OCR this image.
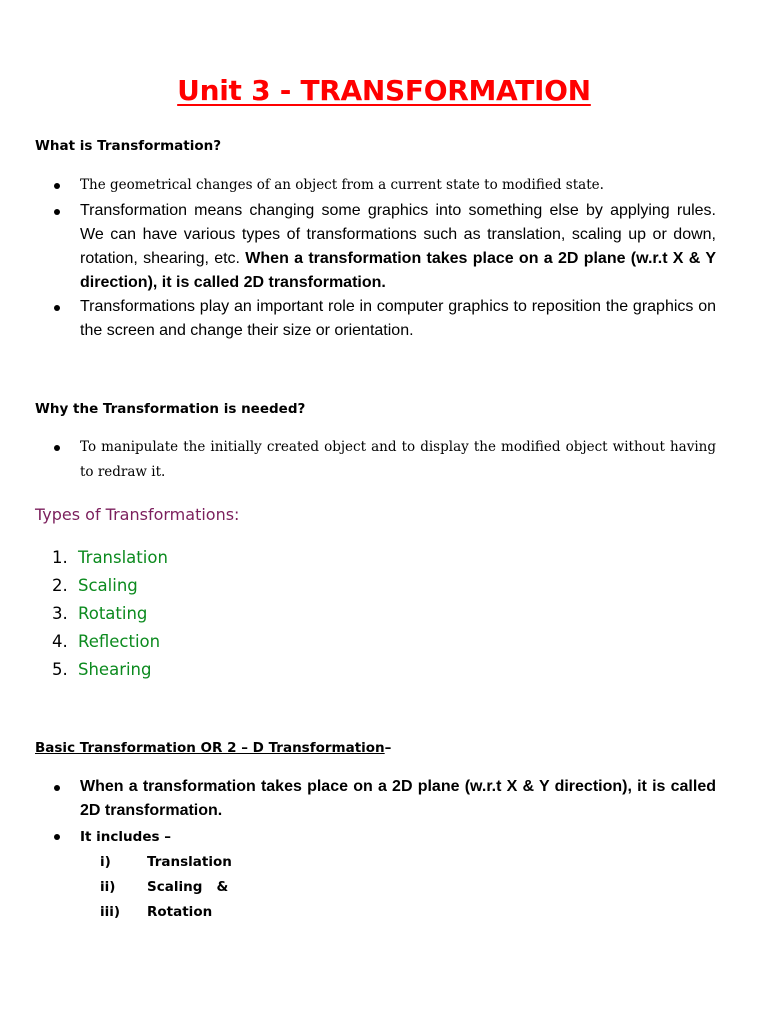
Unit 3 - TRANSFORMATION
What is Transformation?
The geometrical changes of an object from a current state to modified state.
Transformation means changing some graphics into something else by applying rules. We can have various types of transformations such as translation, scaling up or down, rotation, shearing, etc. When a transformation takes place on a 2D plane (w.r.t X & Y direction), it is called 2D transformation.
Transformations play an important role in computer graphics to reposition the graphics on the screen and change their size or orientation.
Why the Transformation is needed?
To manipulate the initially created object and to display the modified object without having to redraw it.
Types of Transformations:
1. Translation
2. Scaling
3. Rotating
4. Reflection
5. Shearing
Basic Transformation OR 2 – D Transformation–
When a transformation takes place on a 2D plane (w.r.t X & Y direction), it is called 2D transformation.
It includes –
i)	Translation
ii) Scaling   &
iii) Rotation
